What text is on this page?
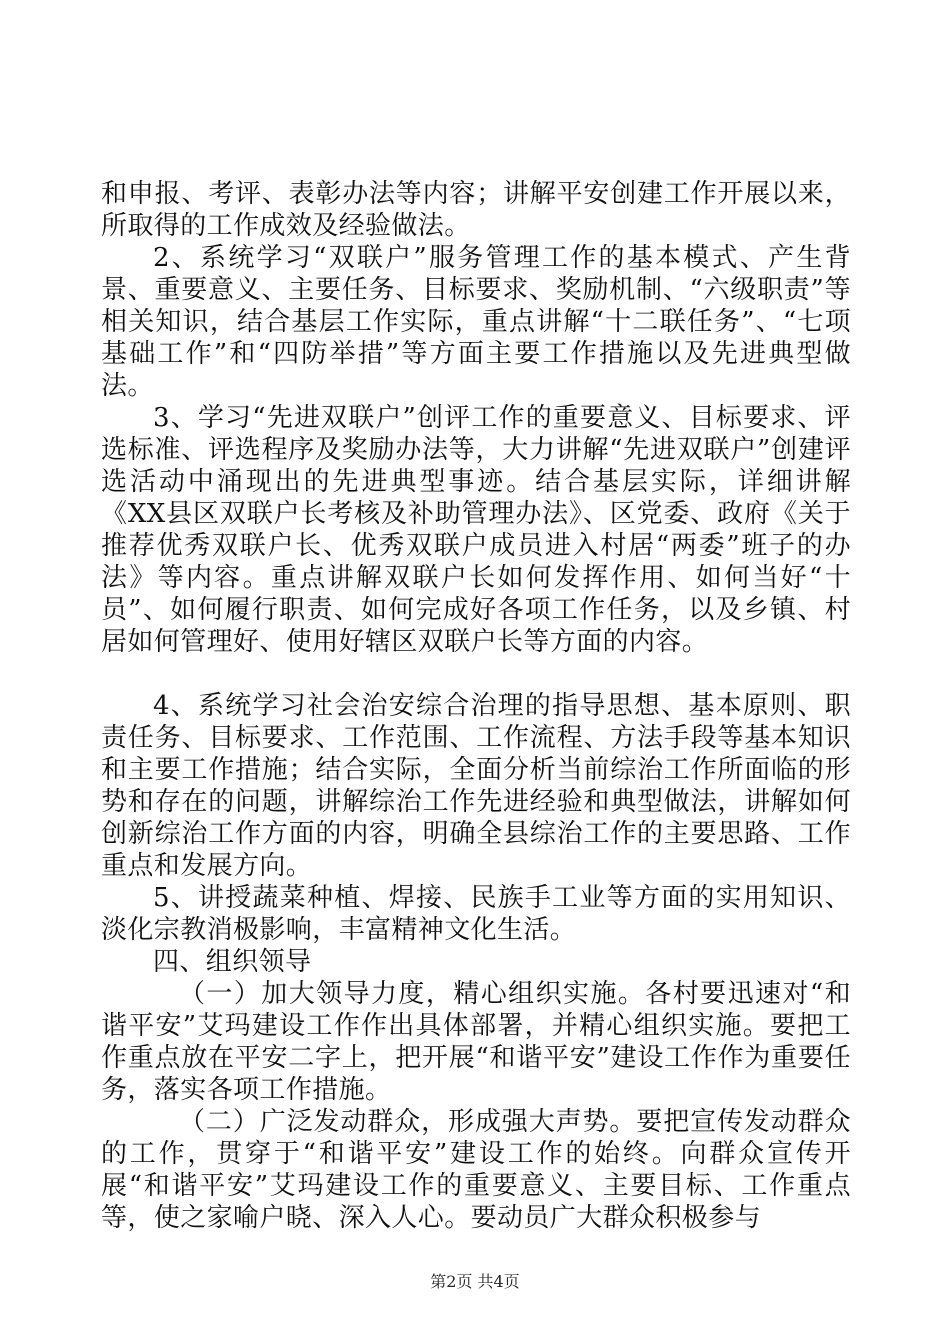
和申报、考评、表彰办法等内容；讲解平安创建工作开展以来，所取得的工作成效及经验做法。

2、系统学习“双联户”服务管理工作的基本模式、产生背景、重要意义、主要任务、目标要求、奖励机制、“六级职责”等相关知识，结合基层工作实际，重点讲解“十二联任务”、“七项基础工作”和“四防举措”等方面主要工作措施以及先进典型做法。

3、学习“先进双联户”创评工作的重要意义、目标要求、评选标准、评选程序及奖励办法等，大力讲解“先进双联户”创建评选活动中涌现出的先进典型事迹。结合基层实际，详细讲解《XX县区双联户长考核及补助管理办法》、区党委、政府《关于推荐优秀双联户长、优秀双联户成员进入村居“两委”班子的办法》等内容。重点讲解双联户长如何发挥作用、如何当好“十员”、如何履行职责、如何完成好各项工作任务，以及乡镇、村居如何管理好、使用好辖区双联户长等方面的内容。

4、系统学习社会治安综合治理的指导思想、基本原则、职责任务、目标要求、工作范围、工作流程、方法手段等基本知识和主要工作措施；结合实际，全面分析当前综治工作所面临的形势和存在的问题，讲解综治工作先进经验和典型做法，讲解如何创新综治工作方面的内容，明确全县综治工作的主要思路、工作重点和发展方向。

5、讲授蔬菜种植、焊接、民族手工业等方面的实用知识、淡化宗教消极影响，丰富精神文化生活。

四、组织领导

（一）加大领导力度，精心组织实施。各村要迅速对“和谐平安”艾玛建设工作作出具体部署，并精心组织实施。要把工作重点放在平安二字上，把开展“和谐平安”建设工作作为重要任务，落实各项工作措施。

（二）广泛发动群众，形成强大声势。要把宣传发动群众的工作，贯穿于“和谐平安”建设工作的始终。向群众宣传开展“和谐平安”艾玛建设工作的重要意义、主要目标、工作重点等，使之家喻户晓、深入人心。要动员广大群众积极参与

第2页 共4页
